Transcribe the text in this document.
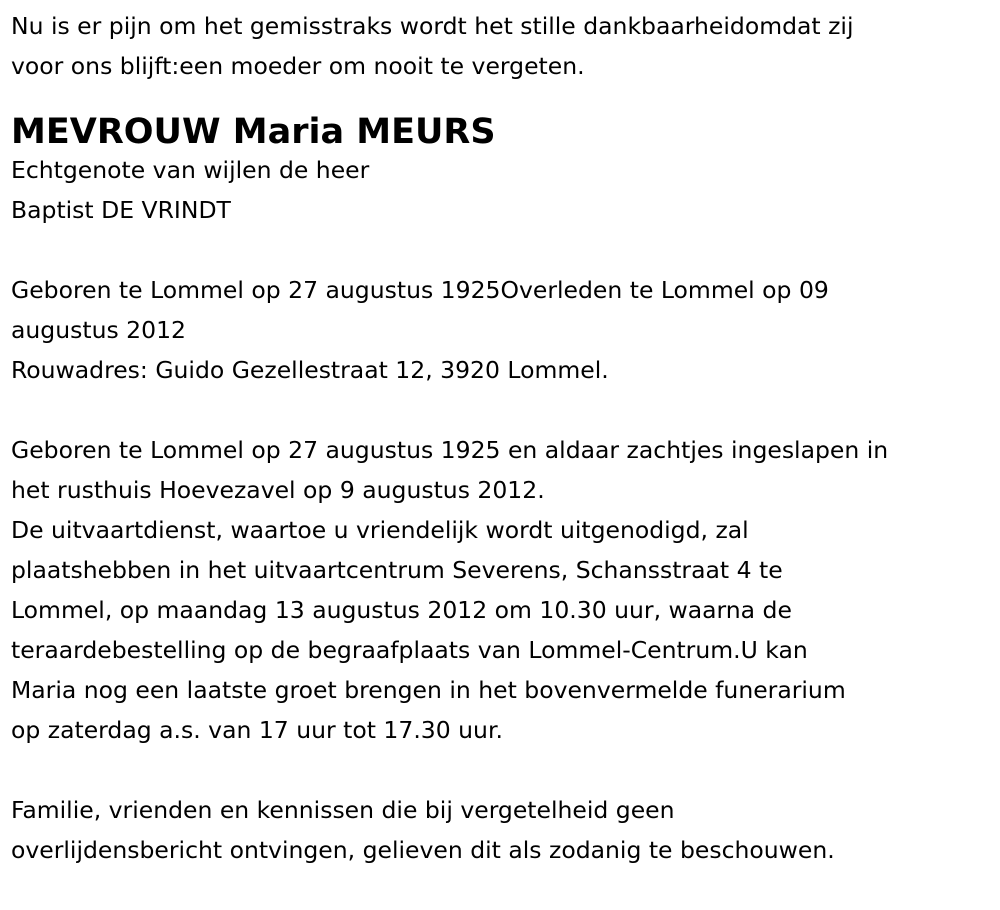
Nu is er pijn om het gemisstraks wordt het stille dankbaarheidomdat zij
voor ons blijft:een moeder om nooit te vergeten.

MEVROUW Maria MEURS

Echtgenote van wijlen de heer
Baptist DE VRINDT

Geboren te Lommel op 27 augustus 1925Overleden te Lommel op 09
augustus 2012
Rouwadres: Guido Gezellestraat 12, 3920 Lommel.

Geboren te Lommel op 27 augustus 1925 en aldaar zachtjes ingeslapen in
het rusthuis Hoevezavel op 9 augustus 2012.
De uitvaartdienst, waartoe u vriendelijk wordt uitgenodigd, zal
plaatshebben in het uitvaartcentrum Severens, Schansstraat 4 te
Lommel, op maandag 13 augustus 2012 om 10.30 uur, waarna de
teraardebestelling op de begraafplaats van Lommel-Centrum.U kan
Maria nog een laatste groet brengen in het bovenvermelde funerarium
op zaterdag a.s. van 17 uur tot 17.30 uur.

Familie, vrienden en kennissen die bij vergetelheid geen
overlijdensbericht ontvingen, gelieven dit als zodanig te beschouwen.
